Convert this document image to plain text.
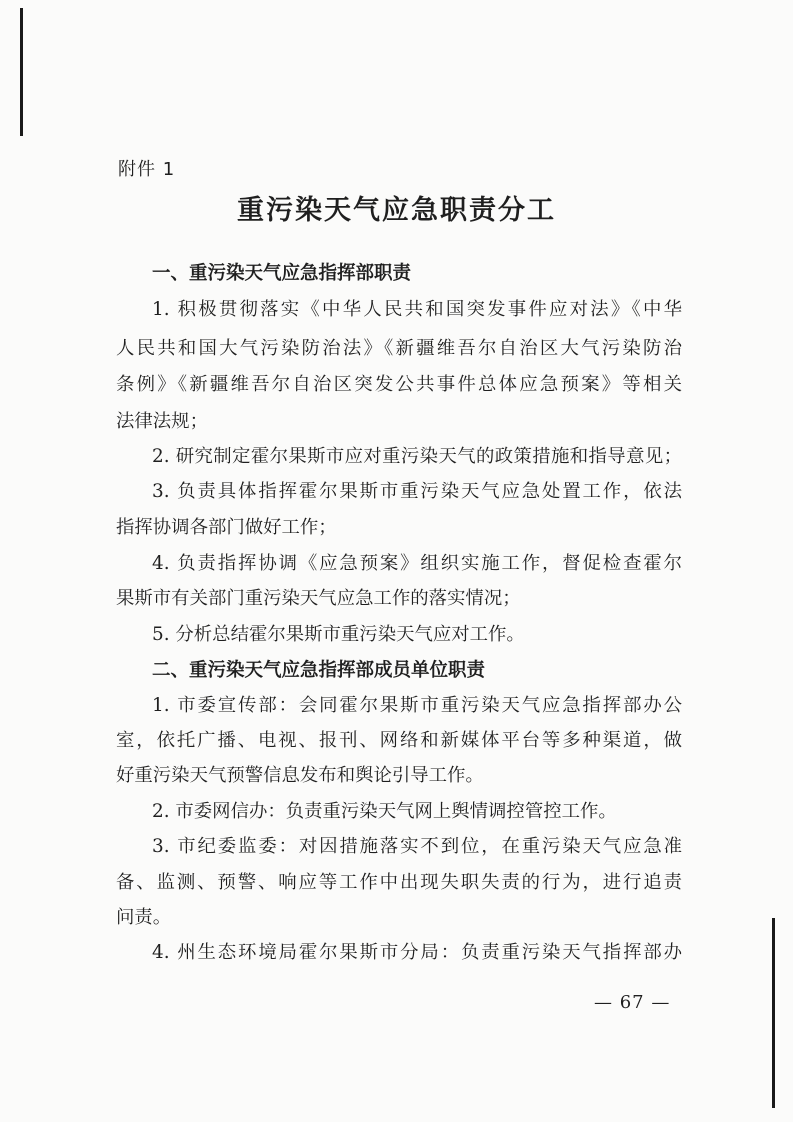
附件 1
重污染天气应急职责分工
一、重污染天气应急指挥部职责
1. 积极贯彻落实《中华人民共和国突发事件应对法》《中华
人民共和国大气污染防治法》《新疆维吾尔自治区大气污染防治
条例》《新疆维吾尔自治区突发公共事件总体应急预案》等相关
法律法规；
2. 研究制定霍尔果斯市应对重污染天气的政策措施和指导意见；
3. 负责具体指挥霍尔果斯市重污染天气应急处置工作，依法
指挥协调各部门做好工作；
4. 负责指挥协调《应急预案》组织实施工作，督促检查霍尔
果斯市有关部门重污染天气应急工作的落实情况；
5. 分析总结霍尔果斯市重污染天气应对工作。
二、重污染天气应急指挥部成员单位职责
1. 市委宣传部：会同霍尔果斯市重污染天气应急指挥部办公
室，依托广播、电视、报刊、网络和新媒体平台等多种渠道，做
好重污染天气预警信息发布和舆论引导工作。
2. 市委网信办：负责重污染天气网上舆情调控管控工作。
3. 市纪委监委：对因措施落实不到位，在重污染天气应急准
备、监测、预警、响应等工作中出现失职失责的行为，进行追责
问责。
4. 州生态环境局霍尔果斯市分局：负责重污染天气指挥部办
— 67 —
